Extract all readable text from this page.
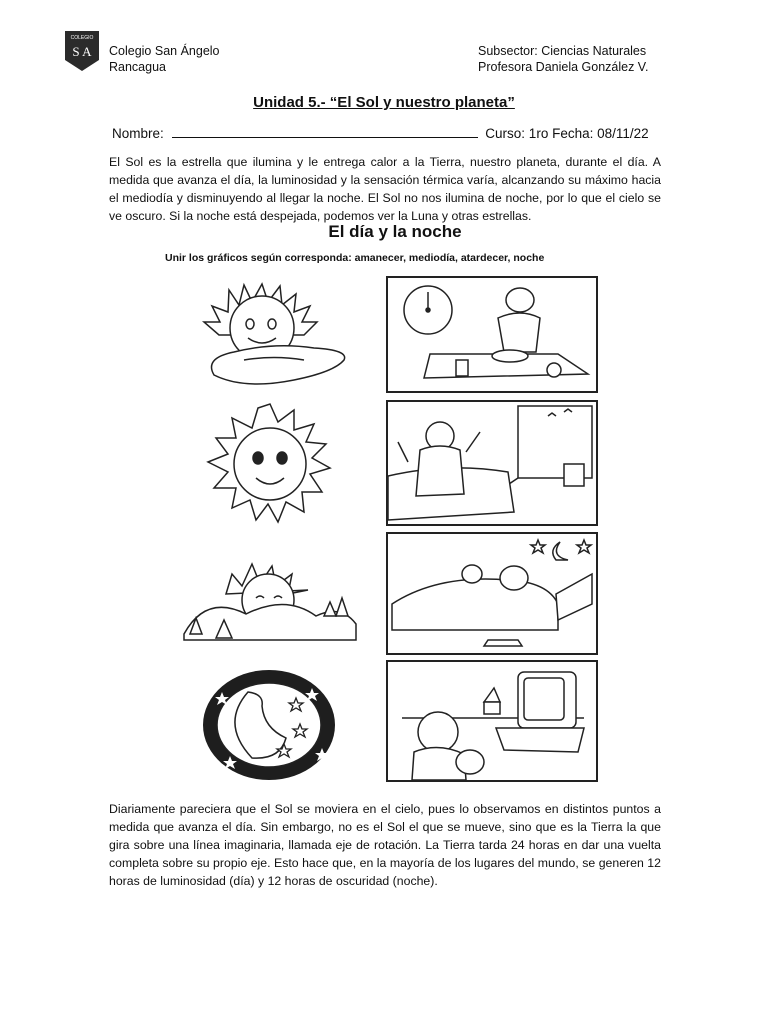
COLEGIO
S A Colegio San Ángelo
Rancagua
Subsector: Ciencias Naturales
Profesora Daniela González V.
Unidad 5.- “El Sol y nuestro planeta”
Nombre:	Curso: 1ro Fecha: 08/11/22

El Sol es la estrella que ilumina y le entrega calor a la Tierra, nuestro planeta, durante el día. A medida que avanza el día, la luminosidad y la sensación térmica varía, alcanzando su máximo hacia el mediodía y disminuyendo al llegar la noche. El Sol no nos ilumina de noche, por lo que el cielo se ve oscuro. Si la noche está despejada, podemos ver la Luna y otras estrellas.

El día y la noche
Unir los gráficos según corresponda: amanecer, mediodía, atardecer, noche

Diariamente pareciera que el Sol se moviera en el cielo, pues lo observamos en distintos puntos a medida que avanza el día. Sin embargo, no es el Sol el que se mueve, sino que es la Tierra la que gira sobre una línea imaginaria, llamada eje de rotación. La Tierra tarda 24 horas en dar una vuelta completa sobre su propio eje. Esto hace que, en la mayoría de los lugares del mundo, se generen 12 horas de luminosidad (día) y 12 horas de oscuridad (noche).
